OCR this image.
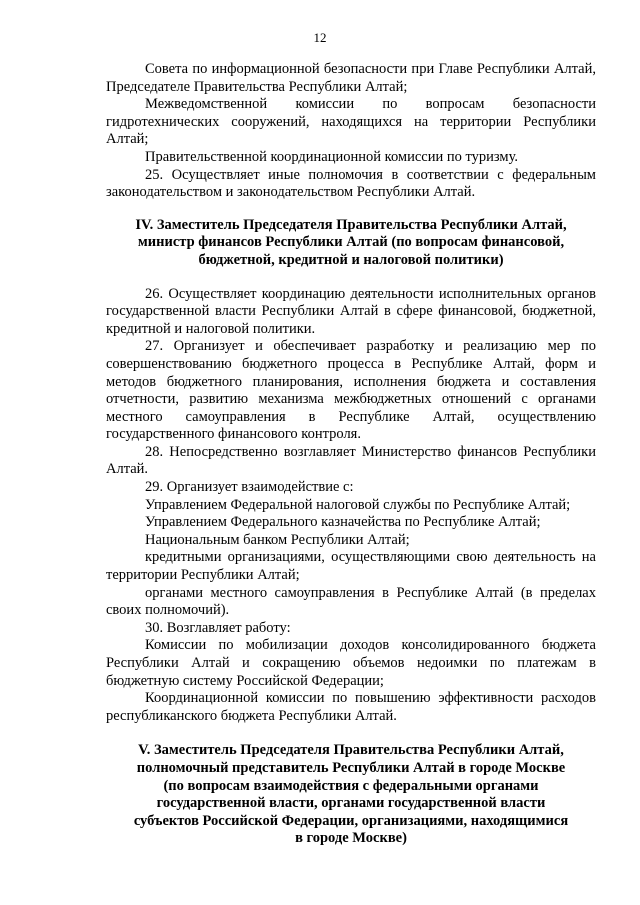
12

Совета по информационной безопасности при Главе Республики Алтай, Председателе Правительства Республики Алтай;

Межведомственной комиссии по вопросам безопасности гидротехнических сооружений, находящихся на территории Республики Алтай;

Правительственной координационной комиссии по туризму.

25. Осуществляет иные полномочия в соответствии с федеральным законодательством и законодательством Республики Алтай.

IV. Заместитель Председателя Правительства Республики Алтай,
министр финансов Республики Алтай (по вопросам финансовой,
бюджетной, кредитной и налоговой политики)

26. Осуществляет координацию деятельности исполнительных органов государственной власти Республики Алтай в сфере финансовой, бюджетной, кредитной и налоговой политики.

27. Организует и обеспечивает разработку и реализацию мер по совершенствованию бюджетного процесса в Республике Алтай, форм и методов бюджетного планирования, исполнения бюджета и составления отчетности, развитию механизма межбюджетных отношений с органами местного самоуправления в Республике Алтай, осуществлению государственного финансового контроля.

28. Непосредственно возглавляет Министерство финансов Республики Алтай.

29. Организует взаимодействие с:

Управлением Федеральной налоговой службы по Республике Алтай;

Управлением Федерального казначейства по Республике Алтай;

Национальным банком Республики Алтай;

кредитными организациями, осуществляющими свою деятельность на территории Республики Алтай;

органами местного самоуправления в Республике Алтай (в пределах своих полномочий).

30. Возглавляет работу:

Комиссии по мобилизации доходов консолидированного бюджета Республики Алтай и сокращению объемов недоимки по платежам в бюджетную систему Российской Федерации;

Координационной комиссии по повышению эффективности расходов республиканского бюджета Республики Алтай.

V. Заместитель Председателя Правительства Республики Алтай,
полномочный представитель Республики Алтай в городе Москве
(по вопросам взаимодействия с федеральными органами
государственной власти, органами государственной власти
субъектов Российской Федерации, организациями, находящимися
в городе Москве)
